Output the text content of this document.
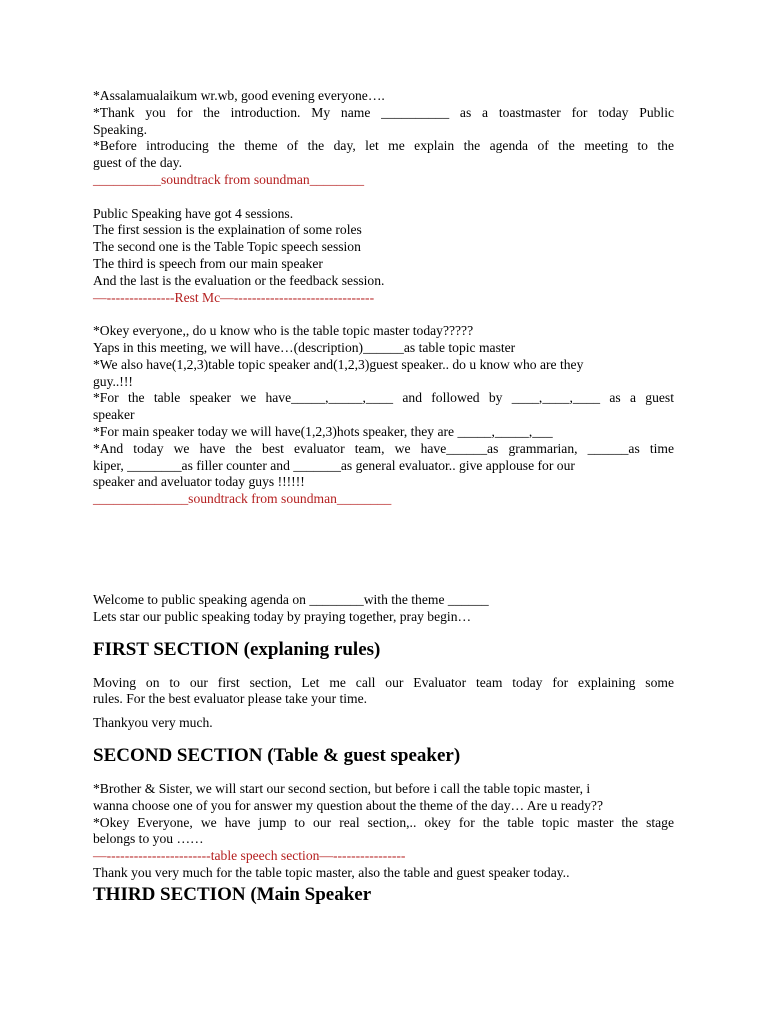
*Assalamualaikum wr.wb, good evening everyone….
*Thank you for the introduction. My name __________ as a toastmaster for today Public
Speaking.
*Before introducing the theme of the day, let me explain the agenda of the meeting to the
guest of the day.
__________soundtrack from soundman________
Public Speaking have got 4 sessions.
The first session is the explaination of some roles
The second one is the Table Topic speech session
The third is speech from our main speaker
And the last is the evaluation or the feedback session.
—---------------Rest Mc—-------------------------------
*Okey everyone,, do u know who is the table topic master today?????
Yaps in this meeting, we will have…(description)______as table topic master
*We also have(1,2,3)table topic speaker and(1,2,3)guest speaker.. do u know who are they
guy..!!!
*For the table speaker we have_____,_____,____ and followed by ____,____,____ as a guest
speaker
*For main speaker today we will have(1,2,3)hots speaker, they are _____,_____,___
*And today we have the best evaluator team, we have______as grammarian, ______as time
kiper, ________as filler counter and _______as general evaluator.. give applouse for our
speaker and aveluator today guys !!!!!!
______________soundtrack from soundman________
Welcome to public speaking agenda on ________with the theme ______
Lets star our public speaking today by praying together, pray begin…
FIRST SECTION (explaning rules)
Moving on to our first section, Let me call our Evaluator team today for explaining some
rules. For the best evaluator please take your time.
Thankyou very much.
SECOND SECTION (Table & guest speaker)
*Brother & Sister, we will start our second section, but before i call the table topic master, i
wanna choose one of you for answer my question about the theme of the day… Are u ready??
*Okey Everyone, we have jump to our real section,.. okey for the table topic master the stage
belongs to you ……
—-----------------------table speech section—----------------
Thank you very much for the table topic master, also the table and guest speaker today..
THIRD SECTION (Main Speaker
